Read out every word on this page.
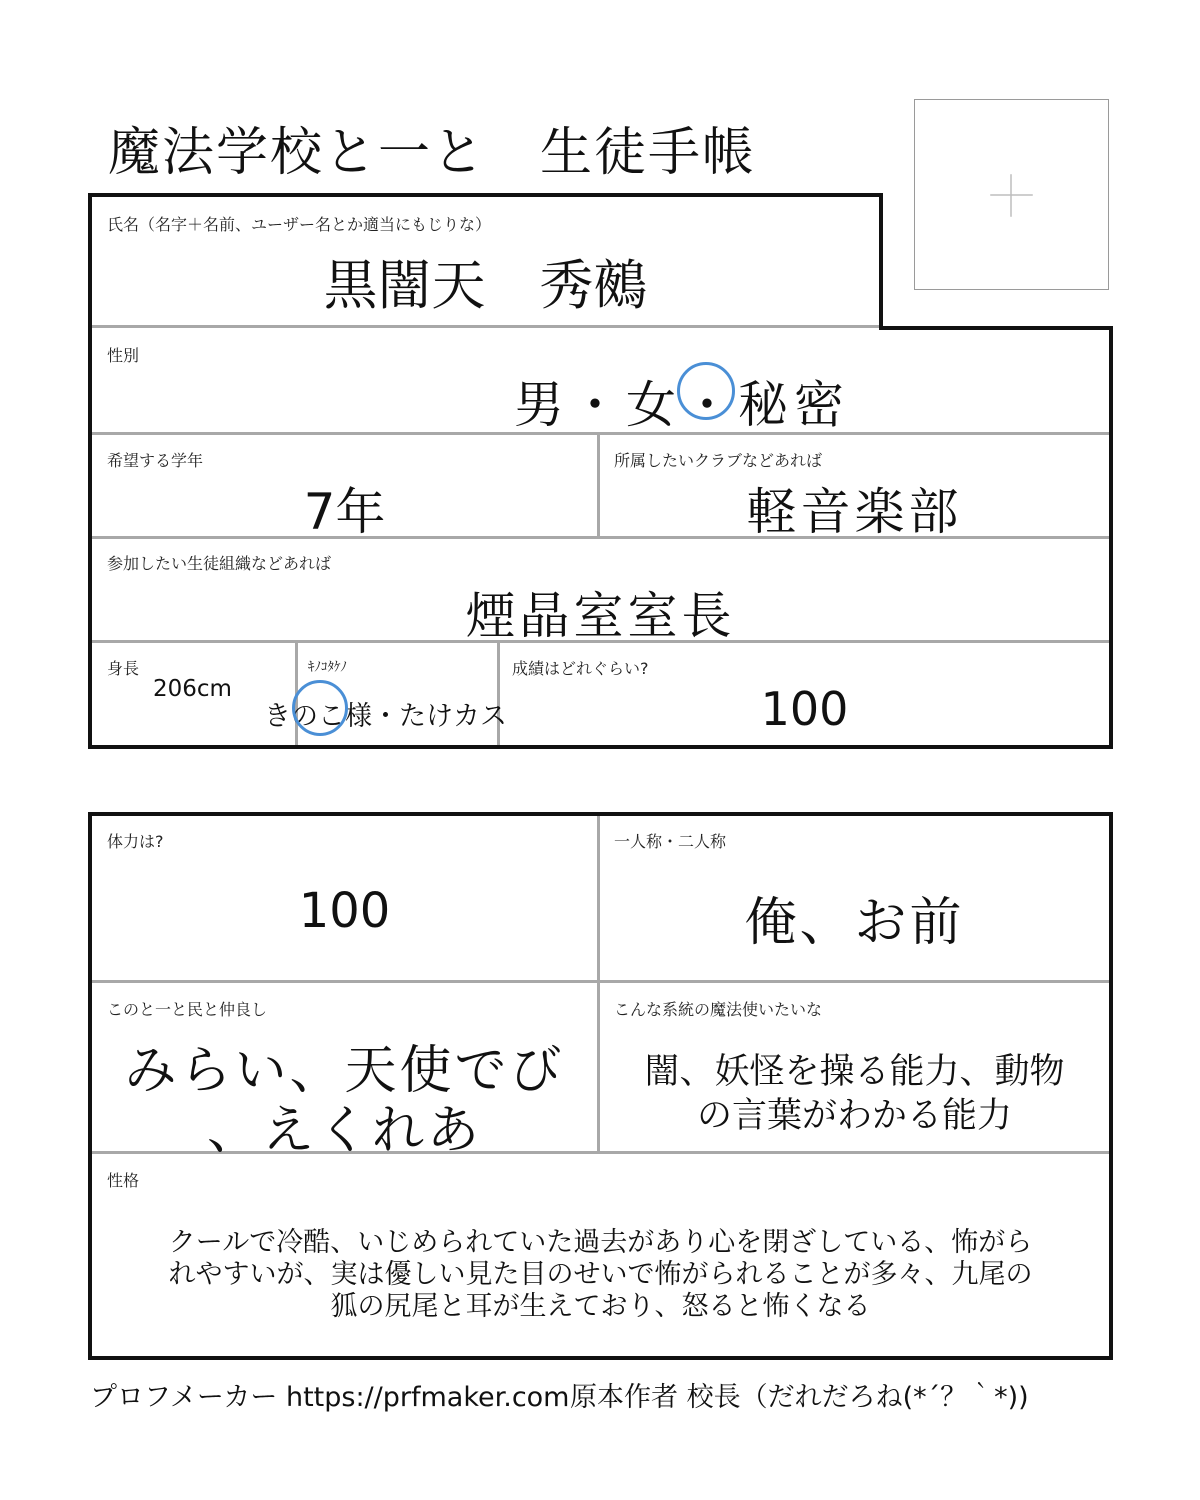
魔法学校と一と　生徒手帳
氏名（名字＋名前、ユーザー名とか適当にもじりな）
黒闇天　秀鵺
性別
男・女・秘密
希望する学年
7年
所属したいクラブなどあれば
軽音楽部
参加したい生徒組織などあれば
煙晶室室長
身長
206cm
ｷﾉｺﾀｹﾉ
きのこ様・たけカス
成績はどれぐらい?
100
体力は?
100
一人称・二人称
俺、お前
このと一と民と仲良し
みらい、天使でび
、えくれあ
こんな系統の魔法使いたいな
闇、妖怪を操る能力、動物
の言葉がわかる能力
性格
クールで冷酷、いじめられていた過去があり心を閉ざしている、怖がら
れやすいが、実は優しい見た目のせいで怖がられることが多々、九尾の
狐の尻尾と耳が生えており、怒ると怖くなる
プロフメーカー https://prfmaker.com 原本作者 校長（だれだろね(*´？｀*))
